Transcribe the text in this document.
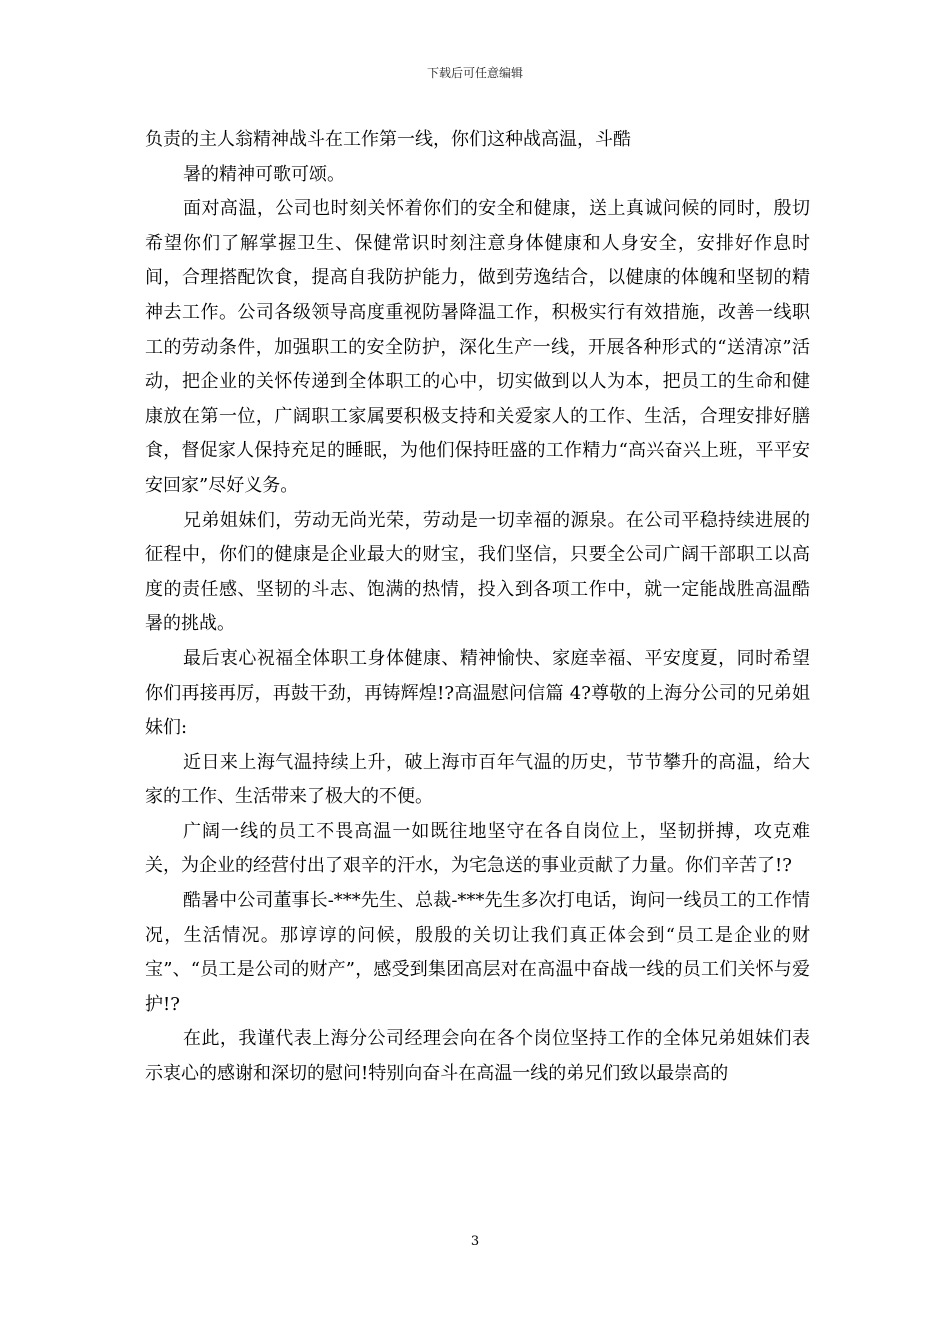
下载后可任意编辑

负责的主人翁精神战斗在工作第一线，你们这种战高温，斗酷

暑的精神可歌可颂。

面对高温，公司也时刻关怀着你们的安全和健康，送上真诚问候的同时，殷切希望你们了解掌握卫生、保健常识时刻注意身体健康和人身安全，安排好作息时间，合理搭配饮食，提高自我防护能力，做到劳逸结合，以健康的体魄和坚韧的精神去工作。公司各级领导高度重视防暑降温工作，积极实行有效措施，改善一线职工的劳动条件，加强职工的安全防护，深化生产一线，开展各种形式的“送清凉”活动，把企业的关怀传递到全体职工的心中，切实做到以人为本，把员工的生命和健康放在第一位，广阔职工家属要积极支持和关爱家人的工作、生活，合理安排好膳食，督促家人保持充足的睡眠，为他们保持旺盛的工作精力“高兴奋兴上班，平平安安回家”尽好义务。

兄弟姐妹们，劳动无尚光荣，劳动是一切幸福的源泉。在公司平稳持续进展的征程中，你们的健康是企业最大的财宝，我们坚信，只要全公司广阔干部职工以高度的责任感、坚韧的斗志、饱满的热情，投入到各项工作中，就一定能战胜高温酷暑的挑战。

最后衷心祝福全体职工身体健康、精神愉快、家庭幸福、平安度夏，同时希望你们再接再厉，再鼓干劲，再铸辉煌!?高温慰问信篇 4?尊敬的上海分公司的兄弟姐妹们:

近日来上海气温持续上升，破上海市百年气温的历史，节节攀升的高温，给大家的工作、生活带来了极大的不便。

广阔一线的员工不畏高温一如既往地坚守在各自岗位上，坚韧拼搏，攻克难关，为企业的经营付出了艰辛的汗水，为宅急送的事业贡献了力量。你们辛苦了!?

酷暑中公司董事长-***先生、总裁-***先生多次打电话，询问一线员工的工作情况，生活情况。那谆谆的问候，殷殷的关切让我们真正体会到“员工是企业的财宝”、“员工是公司的财产”，感受到集团高层对在高温中奋战一线的员工们关怀与爱护!?

在此，我谨代表上海分公司经理会向在各个岗位坚持工作的全体兄弟姐妹们表示衷心的感谢和深切的慰问!特别向奋斗在高温一线的弟兄们致以最崇高的

3
